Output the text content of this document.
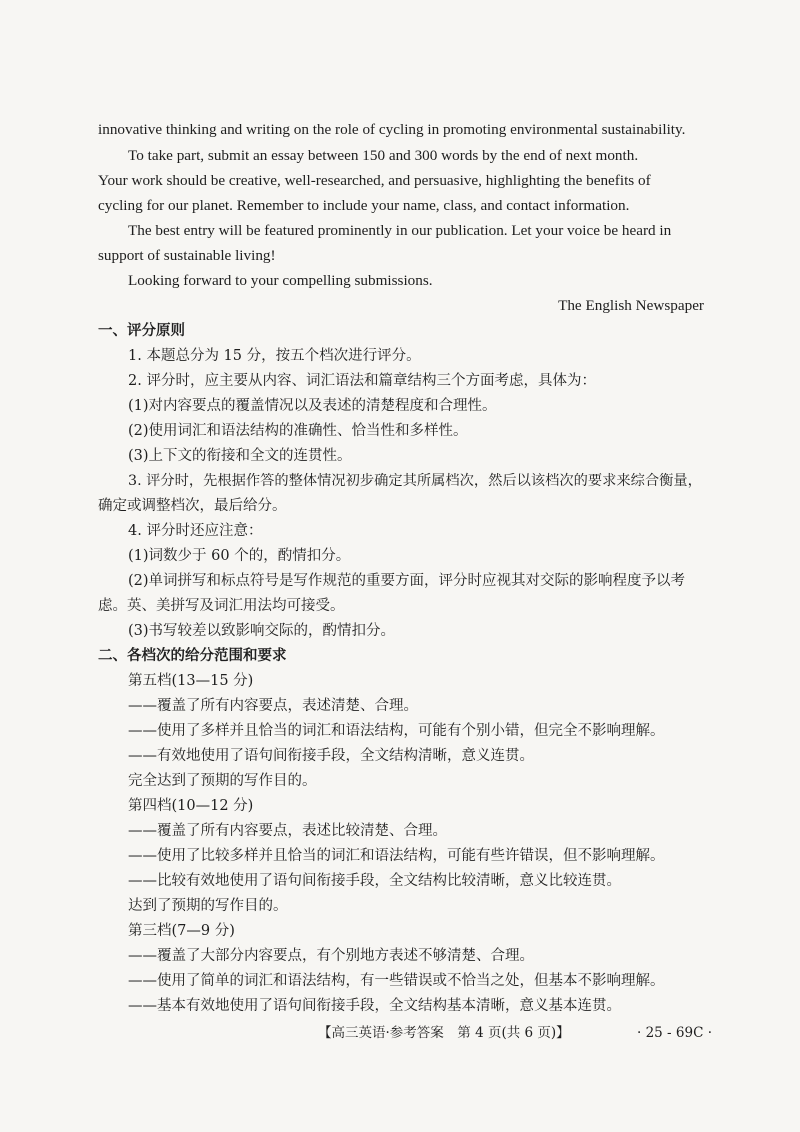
innovative thinking and writing on the role of cycling in promoting environmental sustainability.
To take part, submit an essay between 150 and 300 words by the end of next month.
Your work should be creative, well-researched, and persuasive, highlighting the benefits of
cycling for our planet. Remember to include your name, class, and contact information.
The best entry will be featured prominently in our publication. Let your voice be heard in
support of sustainable living!
Looking forward to your compelling submissions.
The English Newspaper
一、评分原则
1. 本题总分为 15 分，按五个档次进行评分。
2. 评分时，应主要从内容、词汇语法和篇章结构三个方面考虑，具体为：
(1)对内容要点的覆盖情况以及表述的清楚程度和合理性。
(2)使用词汇和语法结构的准确性、恰当性和多样性。
(3)上下文的衔接和全文的连贯性。
3. 评分时，先根据作答的整体情况初步确定其所属档次，然后以该档次的要求来综合衡量，
确定或调整档次，最后给分。
4. 评分时还应注意：
(1)词数少于 60 个的，酌情扣分。
(2)单词拼写和标点符号是写作规范的重要方面，评分时应视其对交际的影响程度予以考
虑。英、美拼写及词汇用法均可接受。
(3)书写较差以致影响交际的，酌情扣分。
二、各档次的给分范围和要求
第五档(13—15 分)
——覆盖了所有内容要点，表述清楚、合理。
——使用了多样并且恰当的词汇和语法结构，可能有个别小错，但完全不影响理解。
——有效地使用了语句间衔接手段，全文结构清晰，意义连贯。
完全达到了预期的写作目的。
第四档(10—12 分)
——覆盖了所有内容要点，表述比较清楚、合理。
——使用了比较多样并且恰当的词汇和语法结构，可能有些许错误，但不影响理解。
——比较有效地使用了语句间衔接手段，全文结构比较清晰，意义比较连贯。
达到了预期的写作目的。
第三档(7—9 分)
——覆盖了大部分内容要点，有个别地方表述不够清楚、合理。
——使用了简单的词汇和语法结构，有一些错误或不恰当之处，但基本不影响理解。
——基本有效地使用了语句间衔接手段，全文结构基本清晰，意义基本连贯。
【高三英语·参考答案　第 4 页(共 6 页)】	· 25 - 69C ·
